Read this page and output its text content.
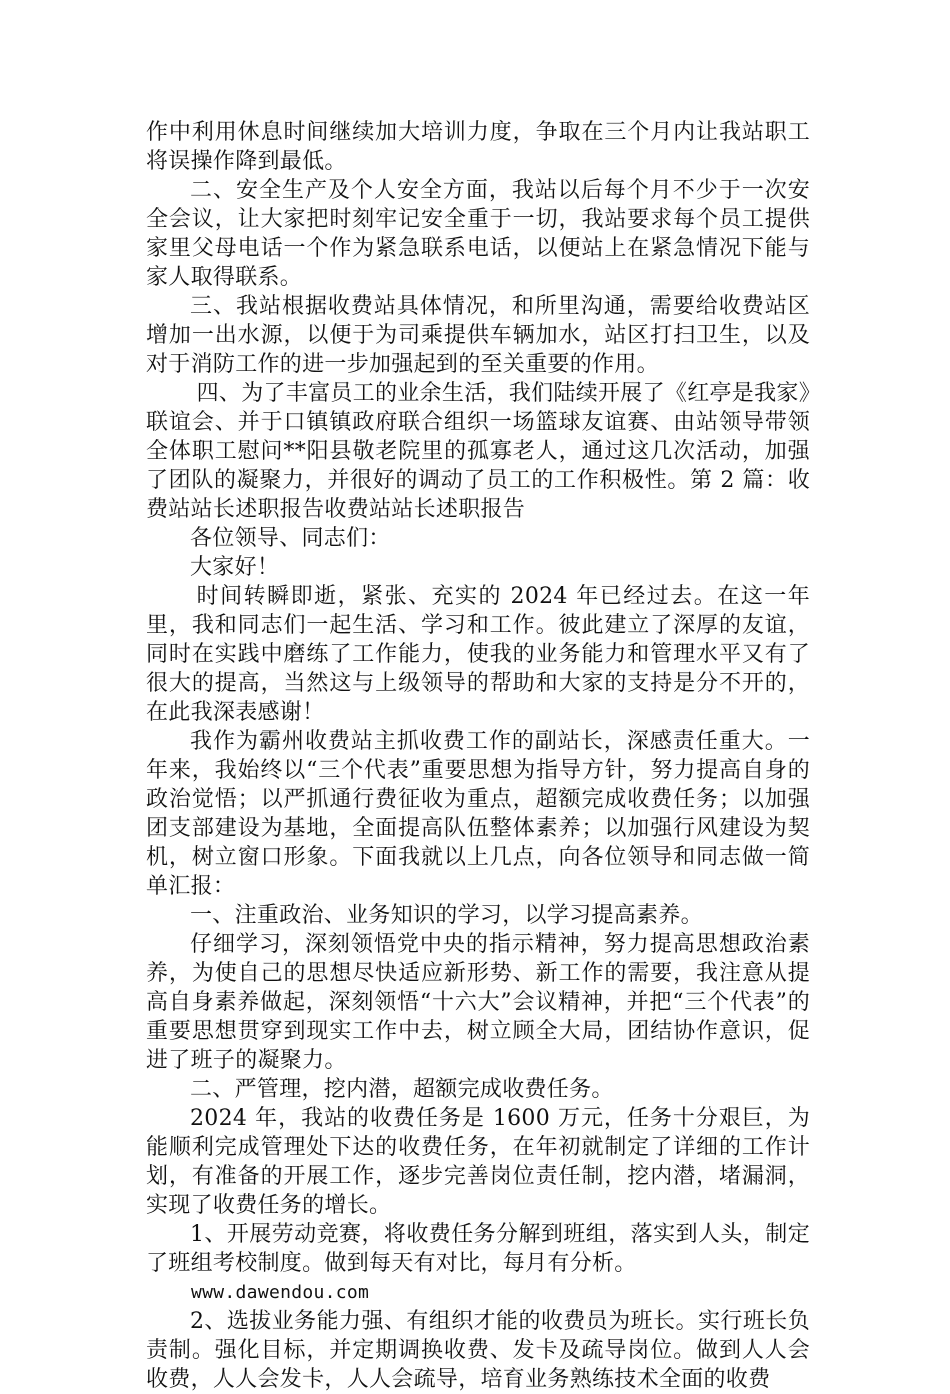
作中利用休息时间继续加大培训力度，争取在三个月内让我站职工将误操作降到最低。

二、安全生产及个人安全方面，我站以后每个月不少于一次安全会议，让大家把时刻牢记安全重于一切，我站要求每个员工提供家里父母电话一个作为紧急联系电话，以便站上在紧急情况下能与家人取得联系。

三、我站根据收费站具体情况，和所里沟通，需要给收费站区增加一出水源，以便于为司乘提供车辆加水，站区打扫卫生，以及对于消防工作的进一步加强起到的至关重要的作用。

四、为了丰富员工的业余生活，我们陆续开展了《红亭是我家》联谊会、并于口镇镇政府联合组织一场篮球友谊赛、由站领导带领全体职工慰问**阳县敬老院里的孤寡老人，通过这几次活动，加强了团队的凝聚力，并很好的调动了员工的工作积极性。第 2 篇：收费站站长述职报告收费站站长述职报告

各位领导、同志们：

大家好！

时间转瞬即逝，紧张、充实的 2024 年已经过去。在这一年里，我和同志们一起生活、学习和工作。彼此建立了深厚的友谊，同时在实践中磨练了工作能力，使我的业务能力和管理水平又有了很大的提高，当然这与上级领导的帮助和大家的支持是分不开的，在此我深表感谢！

我作为霸州收费站主抓收费工作的副站长，深感责任重大。一年来，我始终以“三个代表”重要思想为指导方针，努力提高自身的政治觉悟；以严抓通行费征收为重点，超额完成收费任务；以加强团支部建设为基地，全面提高队伍整体素养；以加强行风建设为契机，树立窗口形象。下面我就以上几点，向各位领导和同志做一简单汇报：

一、注重政治、业务知识的学习，以学习提高素养。

仔细学习，深刻领悟党中央的指示精神，努力提高思想政治素养，为使自己的思想尽快适应新形势、新工作的需要，我注意从提高自身素养做起，深刻领悟“十六大”会议精神，并把“三个代表”的重要思想贯穿到现实工作中去，树立顾全大局，团结协作意识，促进了班子的凝聚力。

二、严管理，挖内潜，超额完成收费任务。

2024 年，我站的收费任务是 1600 万元，任务十分艰巨，为能顺利完成管理处下达的收费任务，在年初就制定了详细的工作计划，有准备的开展工作，逐步完善岗位责任制，挖内潜，堵漏洞，实现了收费任务的增长。

1、开展劳动竞赛，将收费任务分解到班组，落实到人头，制定了班组考校制度。做到每天有对比，每月有分析。

www.dawendou.com

2、选拔业务能力强、有组织才能的收费员为班长。实行班长负责制。强化目标，并定期调换收费、发卡及疏导岗位。做到人人会收费，人人会发卡，人人会疏导，培育业务熟练技术全面的收费
